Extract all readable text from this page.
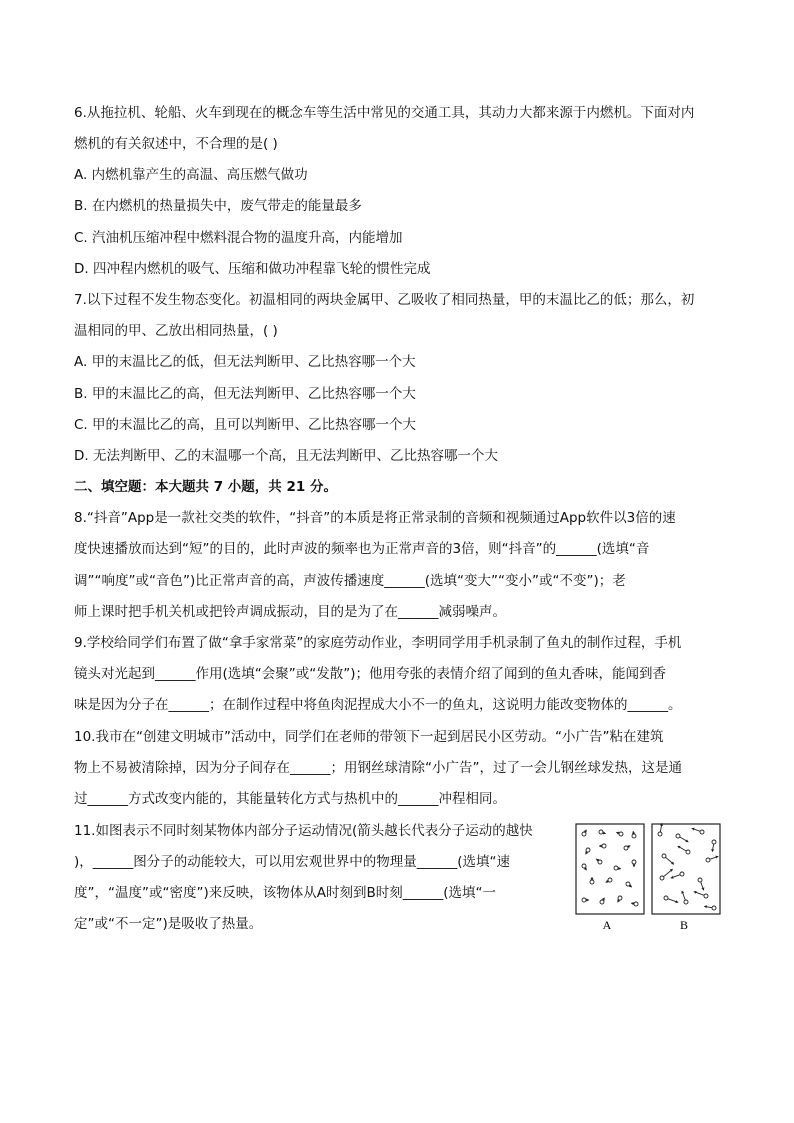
6.从拖拉机、轮船、火车到现在的概念车等生活中常见的交通工具，其动力大都来源于内燃机。下面对内
燃机的有关叙述中，不合理的是( )
A. 内燃机靠产生的高温、高压燃气做功
B. 在内燃机的热量损失中，废气带走的能量最多
C. 汽油机压缩冲程中燃料混合物的温度升高，内能增加
D. 四冲程内燃机的吸气、压缩和做功冲程靠飞轮的惯性完成
7.以下过程不发生物态变化。初温相同的两块金属甲、乙吸收了相同热量，甲的末温比乙的低；那么，初
温相同的甲、乙放出相同热量，( )
A. 甲的末温比乙的低，但无法判断甲、乙比热容哪一个大
B. 甲的末温比乙的高，但无法判断甲、乙比热容哪一个大
C. 甲的末温比乙的高，且可以判断甲、乙比热容哪一个大
D. 无法判断甲、乙的末温哪一个高，且无法判断甲、乙比热容哪一个大
二、填空题：本大题共 7 小题，共 21 分。
8.“抖音”App是一款社交类的软件，“抖音”的本质是将正常录制的音频和视频通过App软件以3倍的速
度快速播放而达到“短”的目的，此时声波的频率也为正常声音的3倍，则“抖音”的______(选填“音
调”“响度”或“音色”)比正常声音的高，声波传播速度______(选填“变大”“变小”或“不变”)；老
师上课时把手机关机或把铃声调成振动，目的是为了在______减弱噪声。
9.学校给同学们布置了做“拿手家常菜”的家庭劳动作业，李明同学用手机录制了鱼丸的制作过程，手机
镜头对光起到______作用(选填“会聚”或“发散”)；他用夸张的表情介绍了闻到的鱼丸香味，能闻到香
味是因为分子在______；在制作过程中将鱼肉泥捏成大小不一的鱼丸，这说明力能改变物体的______。
10.我市在“创建文明城市”活动中，同学们在老师的带领下一起到居民小区劳动。“小广告”粘在建筑
物上不易被清除掉，因为分子间存在______；用钢丝球清除“小广告”，过了一会儿钢丝球发热，这是通
过______方式改变内能的，其能量转化方式与热机中的______冲程相同。
11.如图表示不同时刻某物体内部分子运动情况(箭头越长代表分子运动的越快
)，______图分子的动能较大，可以用宏观世界中的物理量______(选填“速
度”，“温度”或“密度”)来反映，该物体从A时刻到B时刻______(选填“一
定”或“不一定”)是吸收了热量。	A	B
